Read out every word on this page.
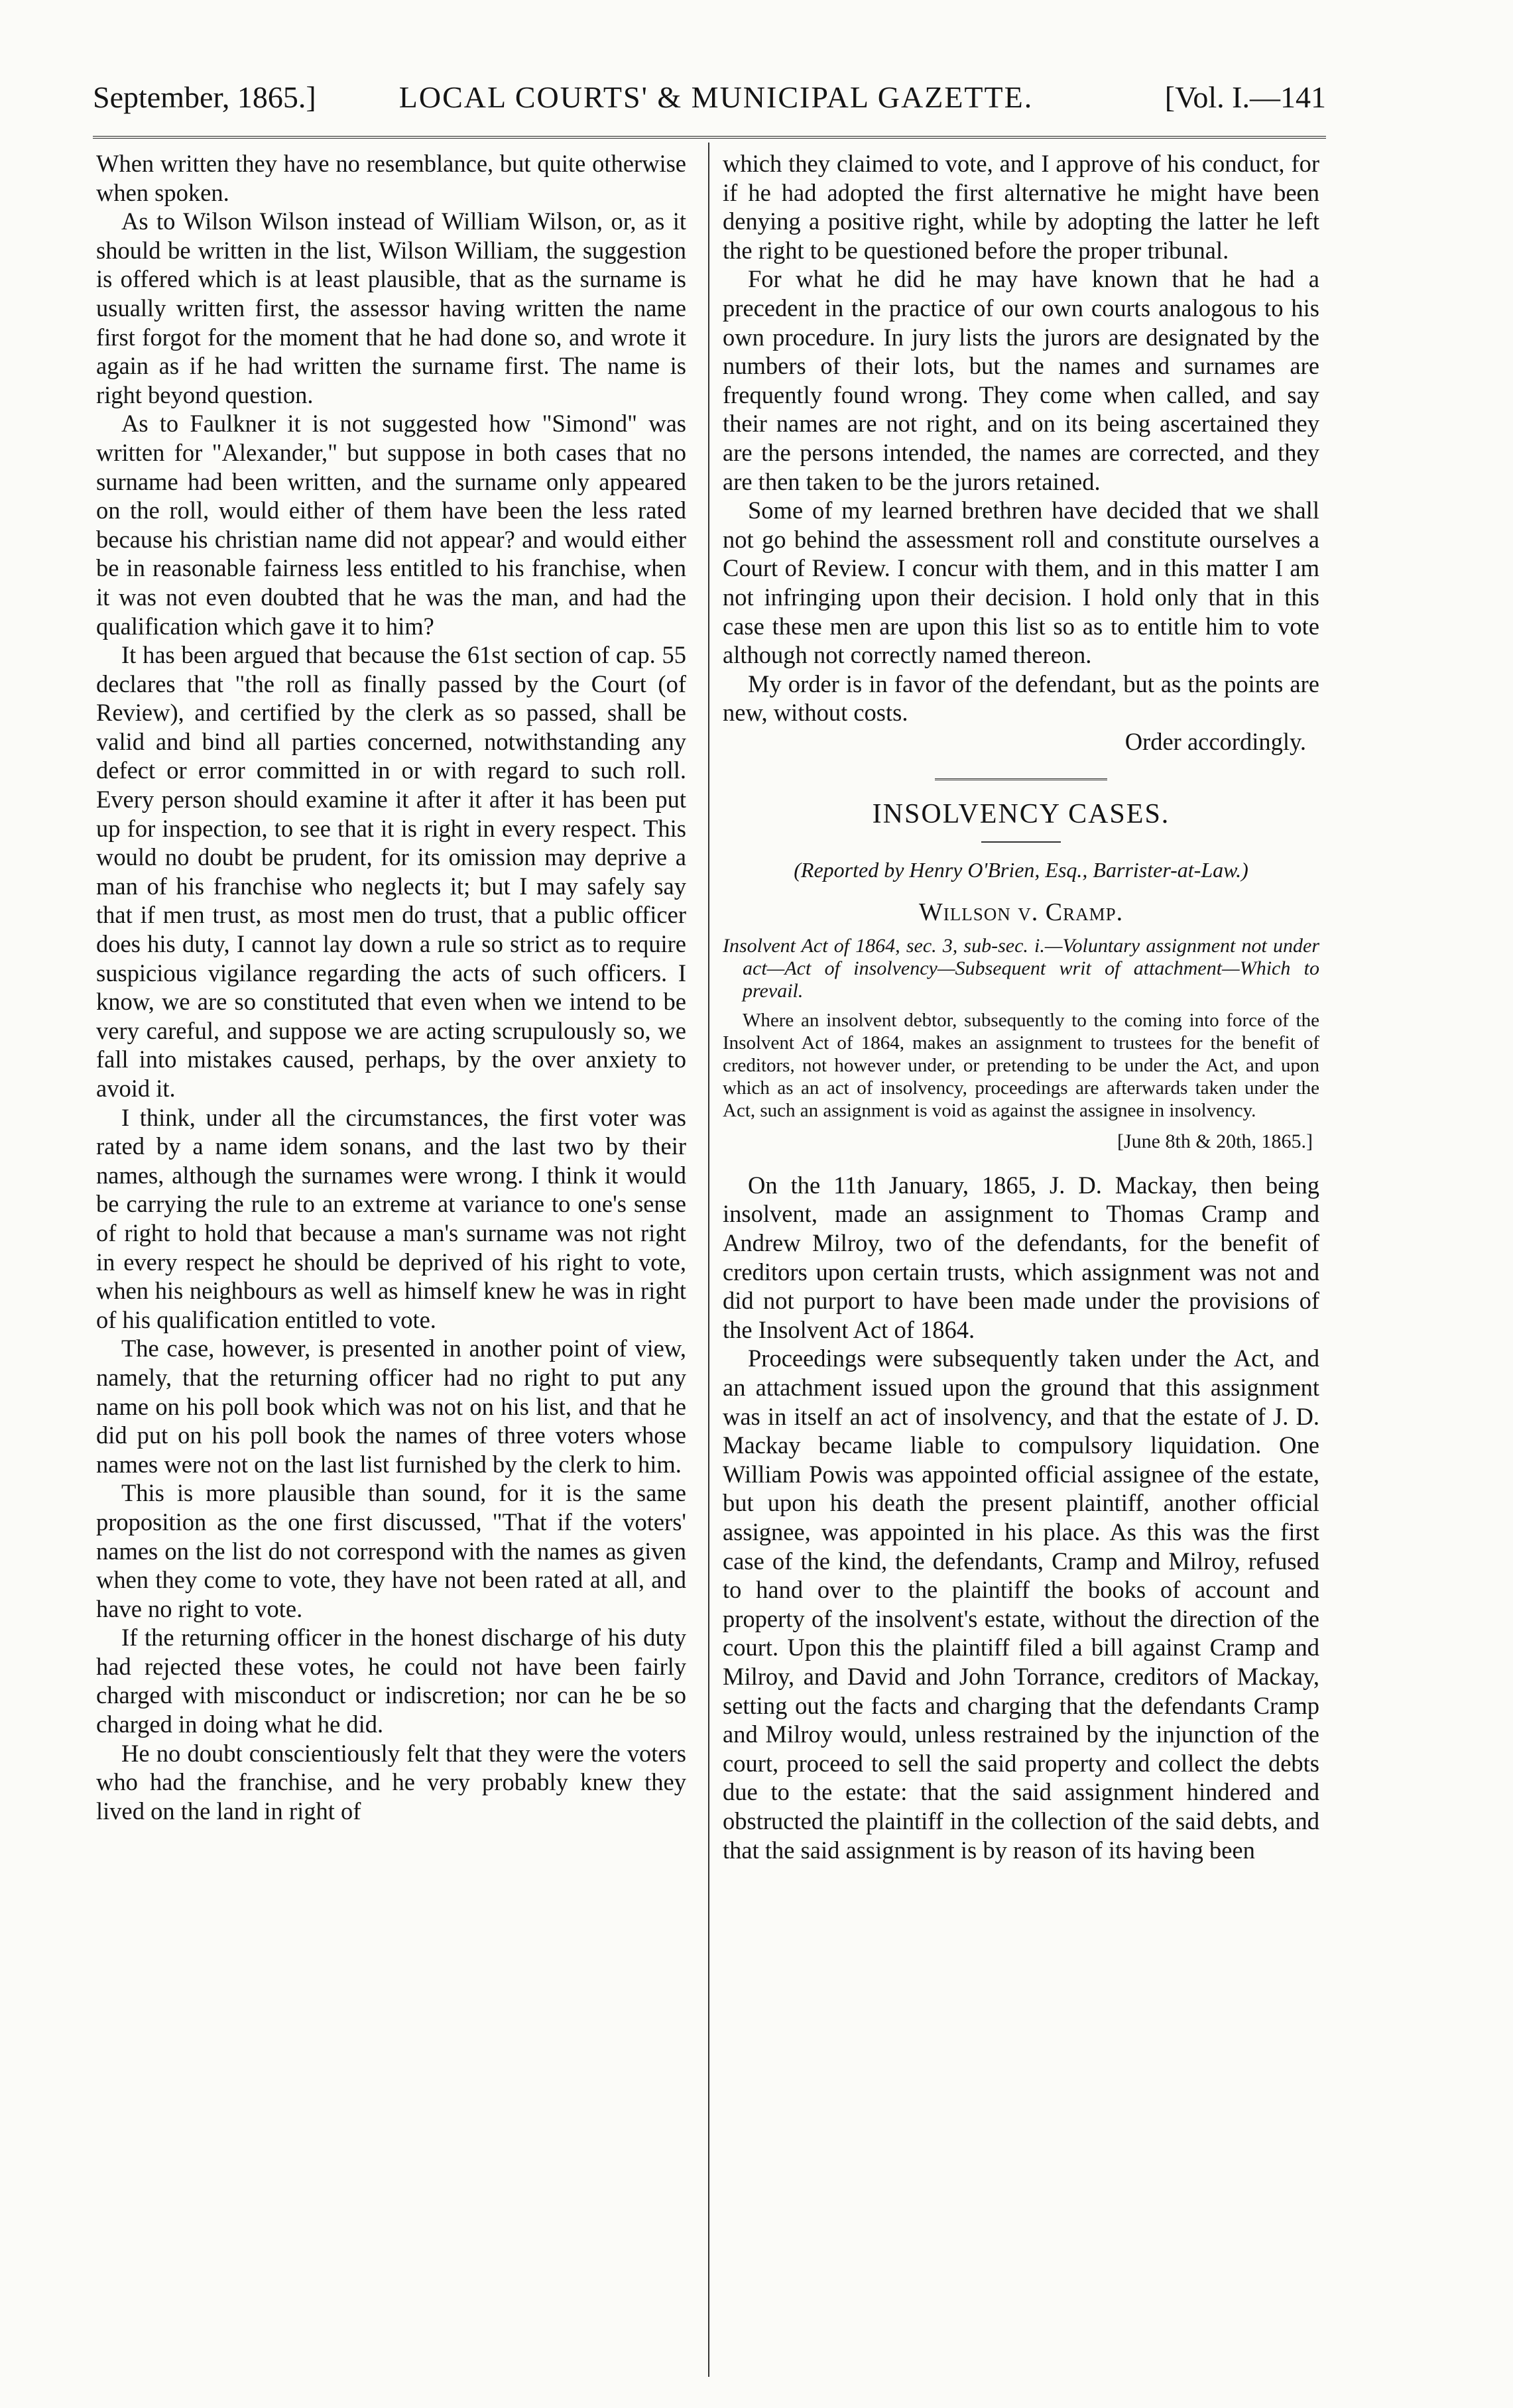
September, 1865.]	LOCAL COURTS' & MUNICIPAL GAZETTE.	[Vol. I.—141

When written they have no resemblance, but quite otherwise when spoken.

As to Wilson Wilson instead of William Wilson, or, as it should be written in the list, Wilson William, the suggestion is offered which is at least plausible, that as the surname is usually written first, the assessor having written the name first forgot for the moment that he had done so, and wrote it again as if he had written the surname first. The name is right beyond question.

As to Faulkner it is not suggested how "Simond" was written for "Alexander," but suppose in both cases that no surname had been written, and the surname only appeared on the roll, would either of them have been the less rated because his christian name did not appear? and would either be in reasonable fairness less entitled to his franchise, when it was not even doubted that he was the man, and had the qualification which gave it to him?

It has been argued that because the 61st section of cap. 55 declares that "the roll as finally passed by the Court (of Review), and certified by the clerk as so passed, shall be valid and bind all parties concerned, notwithstanding any defect or error committed in or with regard to such roll. Every person should examine it after it after it has been put up for inspection, to see that it is right in every respect. This would no doubt be prudent, for its omission may deprive a man of his franchise who neglects it; but I may safely say that if men trust, as most men do trust, that a public officer does his duty, I cannot lay down a rule so strict as to require suspicious vigilance regarding the acts of such officers. I know, we are so constituted that even when we intend to be very careful, and suppose we are acting scrupulously so, we fall into mistakes caused, perhaps, by the over anxiety to avoid it.

I think, under all the circumstances, the first voter was rated by a name idem sonans, and the last two by their names, although the surnames were wrong. I think it would be carrying the rule to an extreme at variance to one's sense of right to hold that because a man's surname was not right in every respect he should be deprived of his right to vote, when his neighbours as well as himself knew he was in right of his qualification entitled to vote.

The case, however, is presented in another point of view, namely, that the returning officer had no right to put any name on his poll book which was not on his list, and that he did put on his poll book the names of three voters whose names were not on the last list furnished by the clerk to him.

This is more plausible than sound, for it is the same proposition as the one first discussed, "That if the voters' names on the list do not correspond with the names as given when they come to vote, they have not been rated at all, and have no right to vote.

If the returning officer in the honest discharge of his duty had rejected these votes, he could not have been fairly charged with misconduct or indiscretion; nor can he be so charged in doing what he did.

He no doubt conscientiously felt that they were the voters who had the franchise, and he very probably knew they lived on the land in right of

which they claimed to vote, and I approve of his conduct, for if he had adopted the first alternative he might have been denying a positive right, while by adopting the latter he left the right to be questioned before the proper tribunal.

For what he did he may have known that he had a precedent in the practice of our own courts analogous to his own procedure. In jury lists the jurors are designated by the numbers of their lots, but the names and surnames are frequently found wrong. They come when called, and say their names are not right, and on its being ascertained they are the persons intended, the names are corrected, and they are then taken to be the jurors retained.

Some of my learned brethren have decided that we shall not go behind the assessment roll and constitute ourselves a Court of Review. I concur with them, and in this matter I am not infringing upon their decision. I hold only that in this case these men are upon this list so as to entitle him to vote although not correctly named thereon.

My order is in favor of the defendant, but as the points are new, without costs.

Order accordingly.
INSOLVENCY CASES.
(Reported by Henry O'Brien, Esq., Barrister-at-Law.)
Willson v. Cramp.
Insolvent Act of 1864, sec. 3, sub-sec. i.—Voluntary assignment not under act—Act of insolvency—Subsequent writ of attachment—Which to prevail.
Where an insolvent debtor, subsequently to the coming into force of the Insolvent Act of 1864, makes an assignment to trustees for the benefit of creditors, not however under, or pretending to be under the Act, and upon which as an act of insolvency, proceedings are afterwards taken under the Act, such an assignment is void as against the assignee in insolvency.
[June 8th & 20th, 1865.]

On the 11th January, 1865, J. D. Mackay, then being insolvent, made an assignment to Thomas Cramp and Andrew Milroy, two of the defendants, for the benefit of creditors upon certain trusts, which assignment was not and did not purport to have been made under the provisions of the Insolvent Act of 1864.

Proceedings were subsequently taken under the Act, and an attachment issued upon the ground that this assignment was in itself an act of insolvency, and that the estate of J. D. Mackay became liable to compulsory liquidation. One William Powis was appointed official assignee of the estate, but upon his death the present plaintiff, another official assignee, was appointed in his place. As this was the first case of the kind, the defendants, Cramp and Milroy, refused to hand over to the plaintiff the books of account and property of the insolvent's estate, without the direction of the court. Upon this the plaintiff filed a bill against Cramp and Milroy, and David and John Torrance, creditors of Mackay, setting out the facts and charging that the defendants Cramp and Milroy would, unless restrained by the injunction of the court, proceed to sell the said property and collect the debts due to the estate: that the said assignment hindered and obstructed the plaintiff in the collection of the said debts, and that the said assignment is by reason of its having been
